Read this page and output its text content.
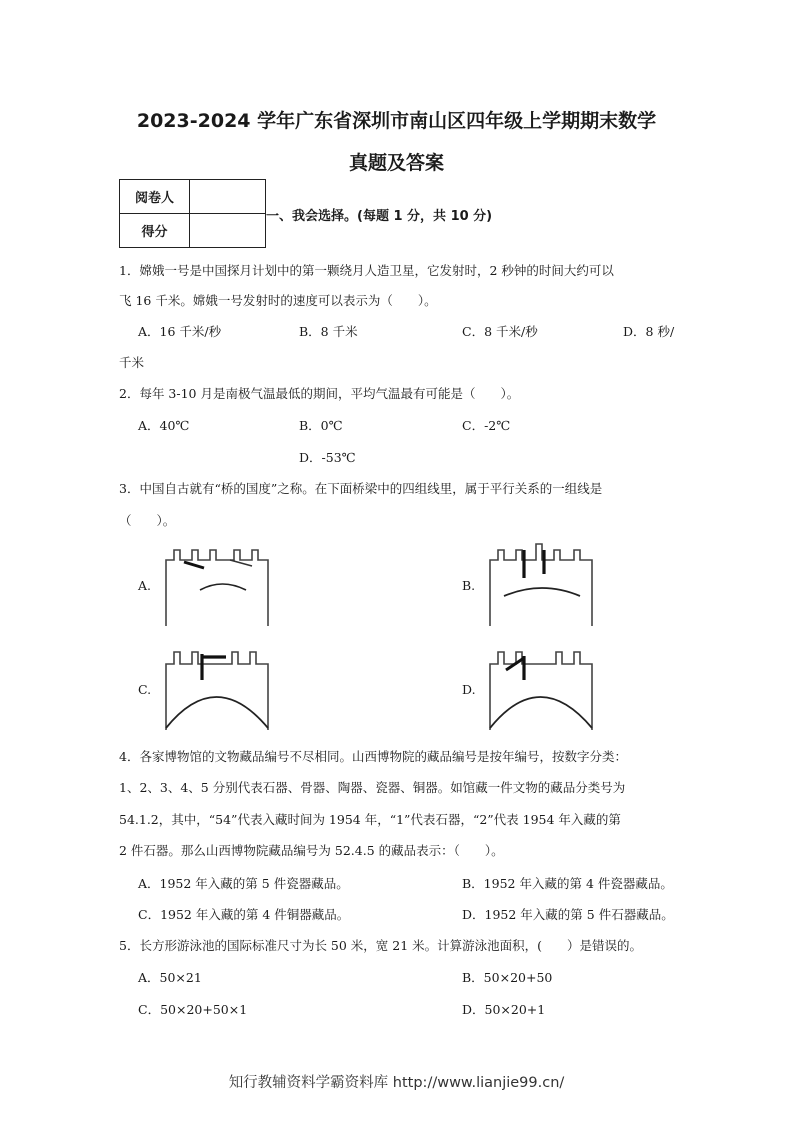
2023-2024 学年广东省深圳市南山区四年级上学期期末数学
真题及答案
阅卷人	
得分	
一、我会选择。(每题 1 分，共 10 分)
1．嫦娥一号是中国探月计划中的第一颗绕月人造卫星，它发射时，2 秒钟的时间大约可以
飞 16 千米。嫦娥一号发射时的速度可以表示为（　　）。
A．16 千米/秒	B．8 千米	C．8 千米/秒	D．8 秒/
千米
2．每年 3-10 月是南极气温最低的期间，平均气温最有可能是（　　）。
A．40℃	B．0℃	C．-2℃
D．-53℃
3．中国自古就有“桥的国度”之称。在下面桥梁中的四组线里，属于平行关系的一组线是
（　　）。
A.	B.
C.	D.
4．各家博物馆的文物藏品编号不尽相同。山西博物院的藏品编号是按年编号，按数字分类：
1、2、3、4、5 分别代表石器、骨器、陶器、瓷器、铜器。如馆藏一件文物的藏品分类号为
54.1.2，其中，“54”代表入藏时间为 1954 年，“1”代表石器，“2”代表 1954 年入藏的第
2 件石器。那么山西博物院藏品编号为 52.4.5 的藏品表示：（　　）。
A．1952 年入藏的第 5 件瓷器藏品。	B．1952 年入藏的第 4 件瓷器藏品。
C．1952 年入藏的第 4 件铜器藏品。	D．1952 年入藏的第 5 件石器藏品。
5．长方形游泳池的国际标准尺寸为长 50 米，宽 21 米。计算游泳池面积，(　　）是错误的。
A．50×21	B．50×20+50
C．50×20+50×1	D．50×20+1
知行教辅资料学霸资料库 http://www.lianjie99.cn/
